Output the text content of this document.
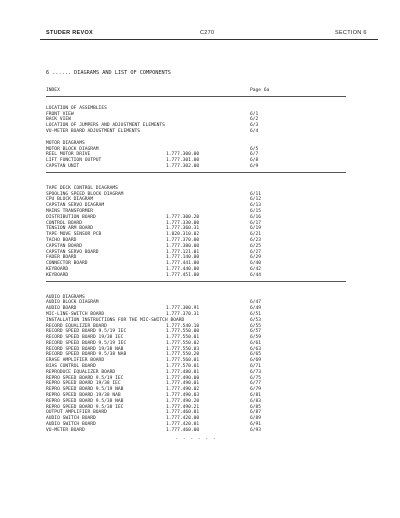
STUDER REVOX	C270	SECTION 6
6 ...... DIAGRAMS AND LIST OF COMPONENTS
INDEX	Page 6a
LOCATION OF ASSEMBLIES
FRONT VIEW	6/1
BACK VIEW	6/2
LOCATION OF JUMPERS AND ADJUSTMENT ELEMENTS	6/3
VU-METER BOARD ADJUSTMENT ELEMENTS	6/4
MOTOR DIAGRAMS
MOTOR BLOCK DIAGRAM	6/5
REEL MOTOR DRIVE	1.777.300.00	6/7
LIFT FUNCTION OUTPUT	1.777.301.00	6/8
CAPSTAN UNIT	1.777.302.00	6/9
TAPE DECK CONTROL DIAGRAMS
SPOOLING SPEED BLOCK DIAGRAM	6/11
CPU BLOCK DIAGRAM	6/12
CAPSTAN SERVO DIAGRAM	6/13
MAINS TRANSFORMER	6/15
DISTRIBUTION BOARD	1.777.300.20	6/16
CONTROL BOARD	1.777.330.00	6/17
TENSION ARM BOARD	1.777.360.31	6/19
TAPE MOVE SENSOR PCB	1.820.310.02	6/21
TACHO BOARD	1.777.370.00	6/23
CAPSTAN BOARD	1.777.380.00	6/25
CAPSTAN SERVO BOARD	1.777.121.01	6/27
FADER BOARD	1.777.140.00	6/29
CONNECTOR BOARD	1.777.441.00	6/40
KEYBOARD	1.777.440.00	6/42
KEYBOARD	1.777.451.00	6/44
AUDIO DIAGRAMS
AUDIO BLOCK DIAGRAM	6/47
AUDIO BOARD	1.777.300.91	6/49
MIC-LINE-SWITCH BOARD	1.777.370.31	6/51
INSTALLATION INSTRUCTIONS FOR THE MIC-SWITCH BOARD	6/53
RECORD EQUALIZER BOARD	1.777.540.10	6/55
RECORD SPEED BOARD 9.5/19 IEC	1.777.550.00	6/57
RECORD SPEED BOARD 19/38 IEC	1.777.550.01	6/59
RECORD SPEED BOARD 9.5/19 IEC	1.777.550.02	6/61
RECORD SPEED BOARD 19/38 NAB	1.777.550.03	6/63
RECORD SPEED BOARD 9.5/38 NAB	1.777.550.20	6/65
ERASE AMPLIFIER BOARD	1.777.560.01	6/69
BIAS CONTROL BOARD	1.777.570.01	6/71
REPRODUCE EQUALIZER BOARD	1.777.480.01	6/73
REPRO SPEED BOARD 9.5/19 IEC	1.777.490.00	6/75
REPRO SPEED BOARD 19/38 IEC	1.777.490.01	6/77
REPRO SPEED BOARD 9.5/19 NAB	1.777.490.02	6/79
REPRO SPEED BOARD 19/38 NAB	1.777.490.03	6/81
REPRO SPEED BOARD 9.5/38 NAB	1.777.490.20	6/83
REPRO SPEED BOARD 9.5/38 IEC	1.777.490.21	6/85
OUTPUT AMPLIFIER BOARD	1.777.460.01	6/87
AUDIO SWITCH BOARD	1.777.420.00	6/89
AUDIO SWITCH BOARD	1.777.420.01	6/91
VU-METER BOARD	1.777.460.00	6/93
- - - - - -
